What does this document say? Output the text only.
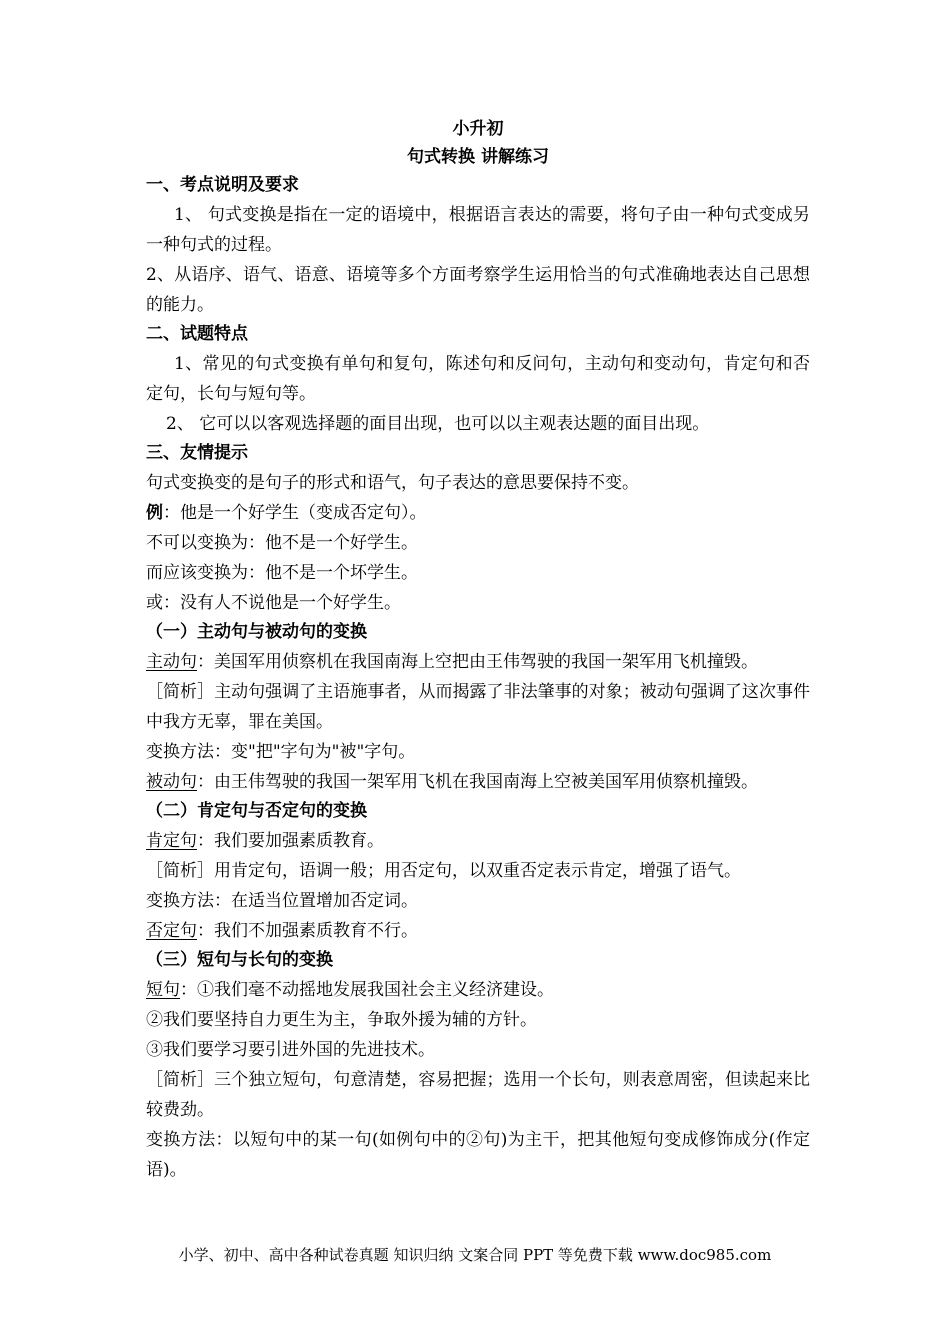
小升初
句式转换 讲解练习
一、考点说明及要求

1、 句式变换是指在一定的语境中，根据语言表达的需要，将句子由一种句式变成另一种句式的过程。

2、从语序、语气、语意、语境等多个方面考察学生运用恰当的句式准确地表达自己思想的能力。

二、试题特点

1、常见的句式变换有单句和复句，陈述句和反问句，主动句和变动句，肯定句和否定句，长句与短句等。

2、 它可以以客观选择题的面目出现，也可以以主观表达题的面目出现。

三、友情提示

句式变换变的是句子的形式和语气，句子表达的意思要保持不变。

例：他是一个好学生（变成否定句）。

不可以变换为：他不是一个好学生。

而应该变换为：他不是一个坏学生。

或：没有人不说他是一个好学生。

（一）主动句与被动句的变换

主动句：美国军用侦察机在我国南海上空把由王伟驾驶的我国一架军用飞机撞毁。

［简析］主动句强调了主语施事者，从而揭露了非法肇事的对象；被动句强调了这次事件中我方无辜，罪在美国。

变换方法：变"把"字句为"被"字句。

被动句：由王伟驾驶的我国一架军用飞机在我国南海上空被美国军用侦察机撞毁。

（二）肯定句与否定句的变换

肯定句：我们要加强素质教育。

［简析］用肯定句，语调一般；用否定句，以双重否定表示肯定，增强了语气。

变换方法：在适当位置增加否定词。

否定句：我们不加强素质教育不行。

（三）短句与长句的变换

短句：①我们毫不动摇地发展我国社会主义经济建设。

②我们要坚持自力更生为主，争取外援为辅的方针。

③我们要学习要引进外国的先进技术。

［简析］三个独立短句，句意清楚，容易把握；选用一个长句，则表意周密，但读起来比较费劲。

变换方法：以短句中的某一句(如例句中的②句)为主干，把其他短句变成修饰成分(作定语)。

小学、初中、高中各种试卷真题 知识归纳 文案合同 PPT 等免费下载 www.doc985.com
